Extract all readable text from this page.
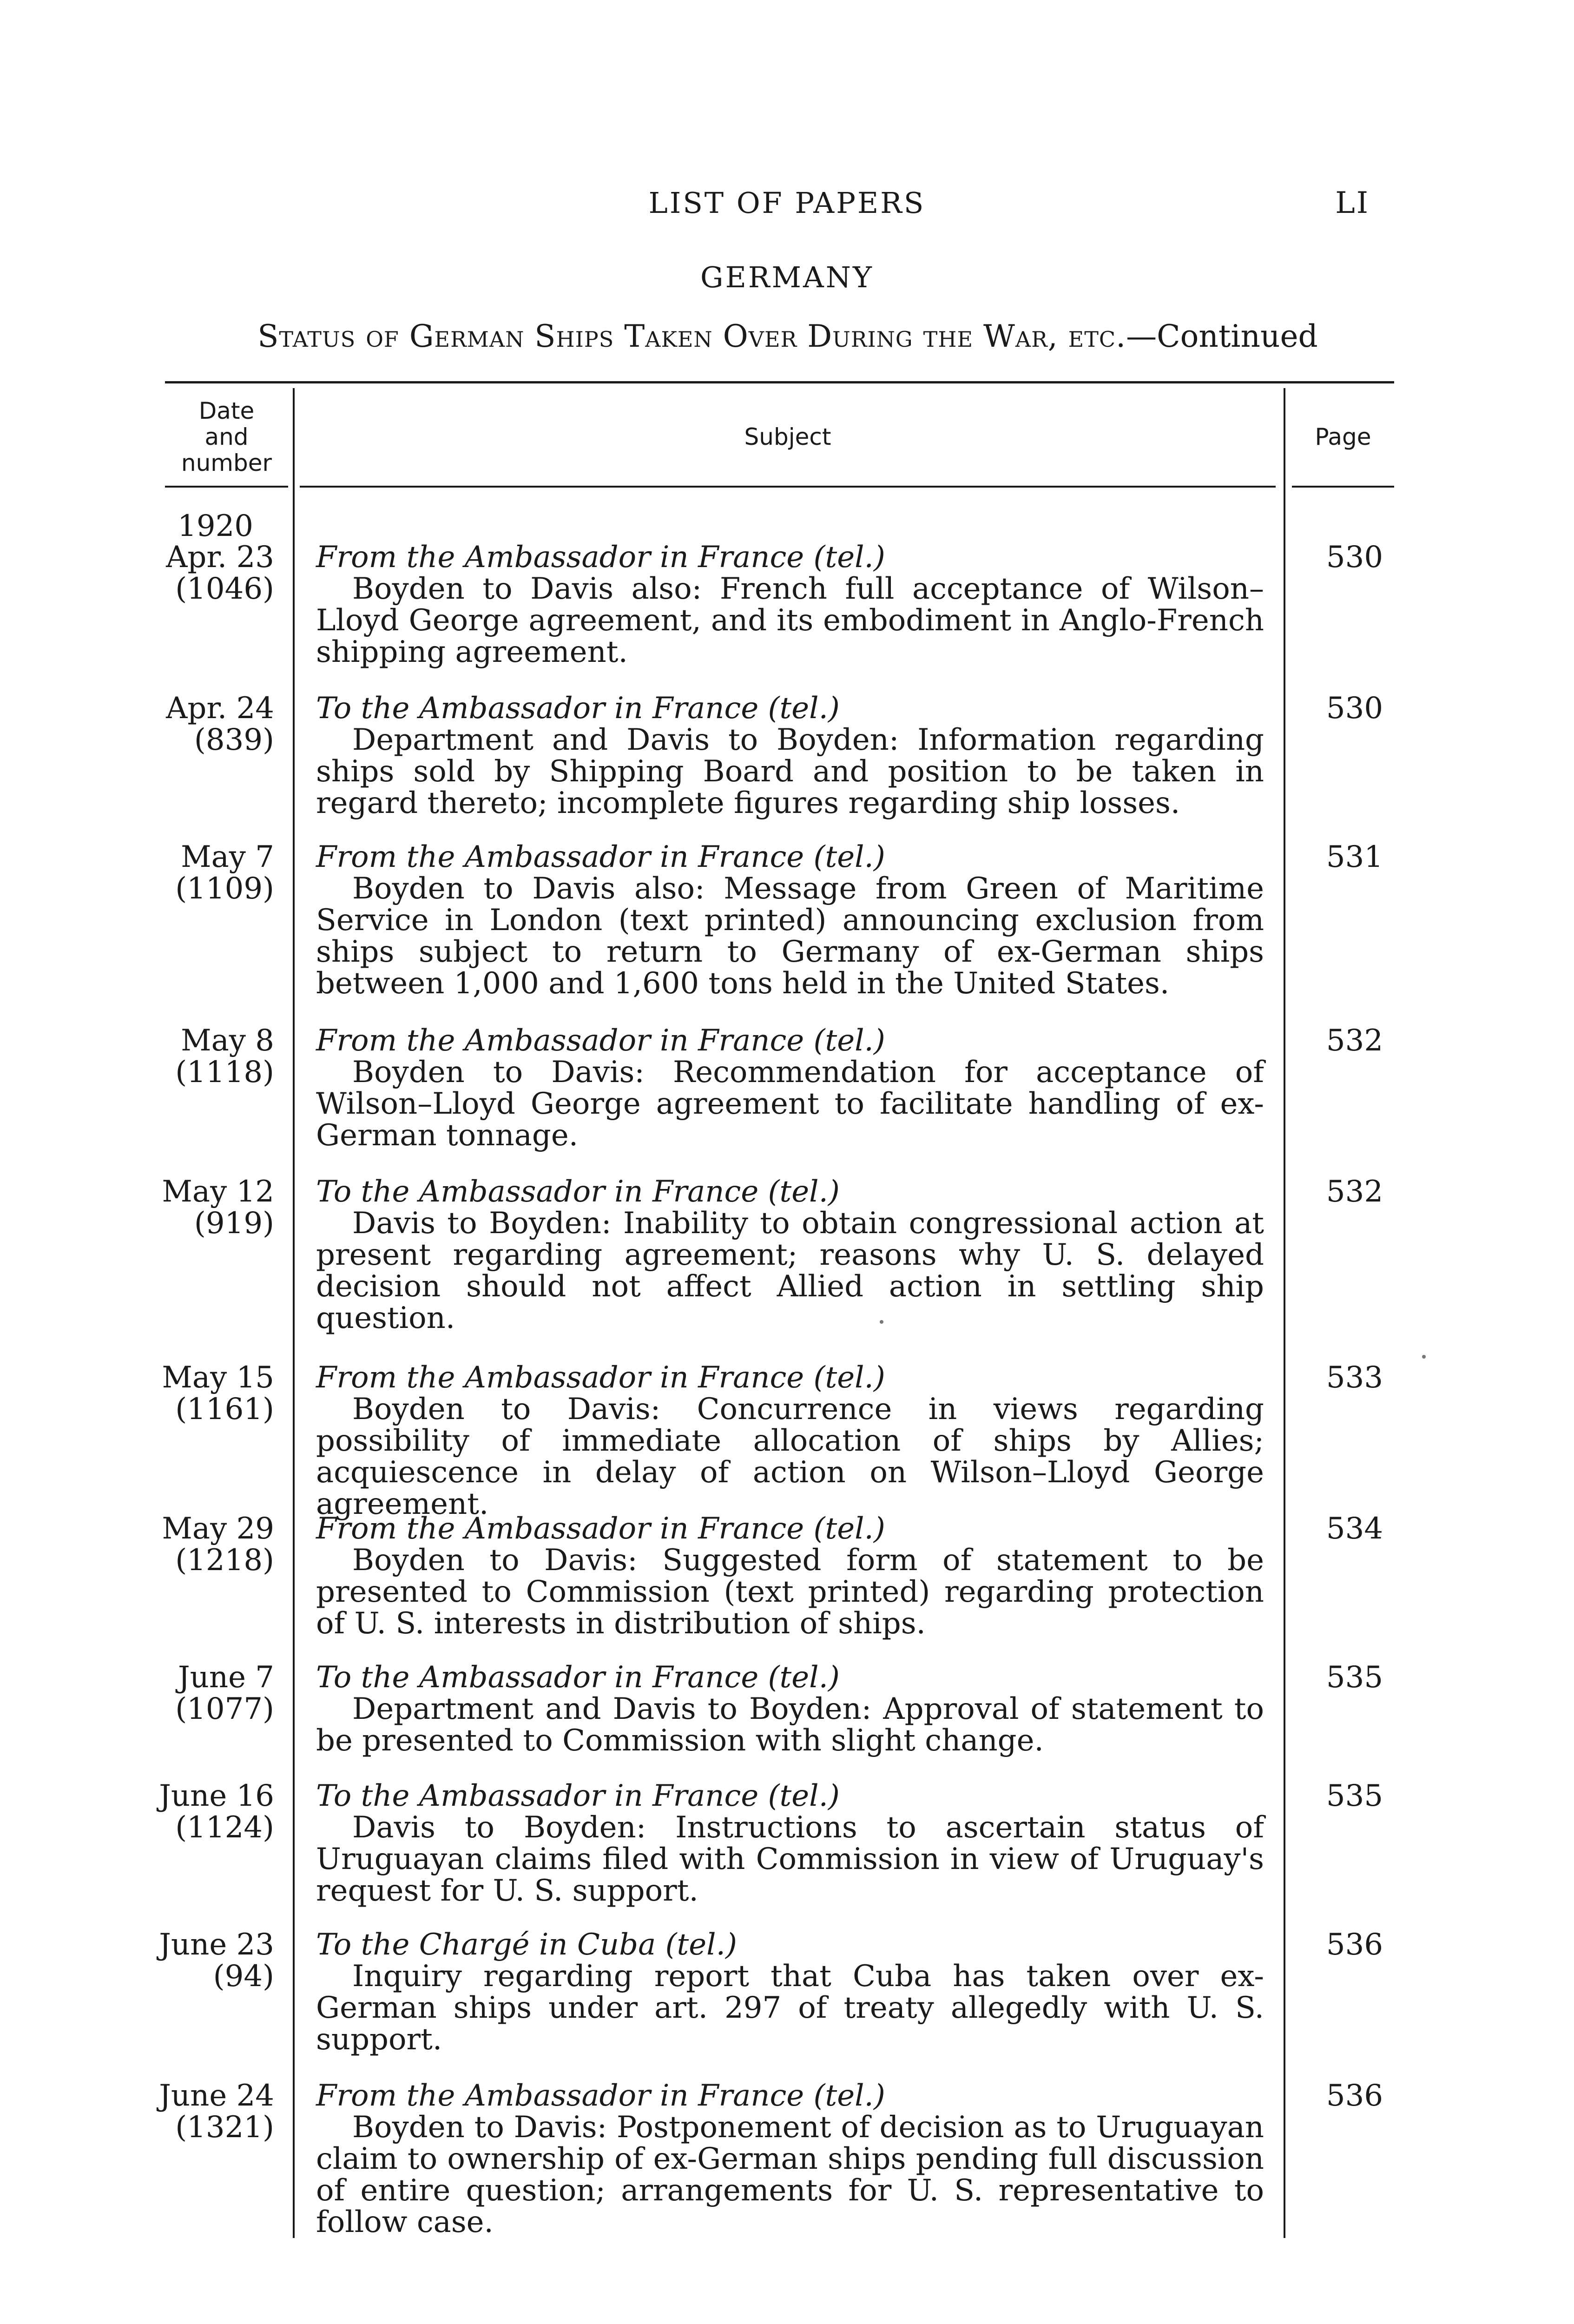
LIST OF PAPERS	LI
GERMANY
Status of German Ships Taken Over During the War, etc.—Continued
Date and number
Subject	Page
1920
Apr. 23
(1046)
From the Ambassador in France (tel.)
Boyden to Davis also: French full acceptance of Wilson–Lloyd George agreement, and its embodiment in Anglo-French shipping agreement.
530
Apr. 24
(839)
To the Ambassador in France (tel.)
Department and Davis to Boyden: Information regarding ships sold by Shipping Board and position to be taken in regard thereto; incomplete figures regarding ship losses.
530
May 7
(1109)
From the Ambassador in France (tel.)
Boyden to Davis also: Message from Green of Maritime Service in London (text printed) announcing exclusion from ships subject to return to Germany of ex-German ships between 1,000 and 1,600 tons held in the United States.
531
May 8
(1118)
From the Ambassador in France (tel.)
Boyden to Davis: Recommendation for acceptance of Wilson–Lloyd George agreement to facilitate handling of ex-German tonnage.
532
May 12
(919)
To the Ambassador in France (tel.)
Davis to Boyden: Inability to obtain congressional action at present regarding agreement; reasons why U. S. delayed decision should not affect Allied action in settling ship question.
532
May 15
(1161)
From the Ambassador in France (tel.)
Boyden to Davis: Concurrence in views regarding possibility of immediate allocation of ships by Allies; acquiescence in delay of action on Wilson–Lloyd George agreement.
533
May 29
(1218)
From the Ambassador in France (tel.)
Boyden to Davis: Suggested form of statement to be presented to Commission (text printed) regarding protection of U. S. interests in distribution of ships.
534
June 7
(1077)
To the Ambassador in France (tel.)
Department and Davis to Boyden: Approval of statement to be presented to Commission with slight change.
535
June 16
(1124)
To the Ambassador in France (tel.)
Davis to Boyden: Instructions to ascertain status of Uruguayan claims filed with Commission in view of Uruguay's request for U. S. support.
535
June 23
(94)
To the Chargé in Cuba (tel.)
Inquiry regarding report that Cuba has taken over ex-German ships under art. 297 of treaty allegedly with U. S. support.
536
June 24
(1321)
From the Ambassador in France (tel.)
Boyden to Davis: Postponement of decision as to Uruguayan claim to ownership of ex-German ships pending full discussion of entire question; arrangements for U. S. representative to follow case.
536
